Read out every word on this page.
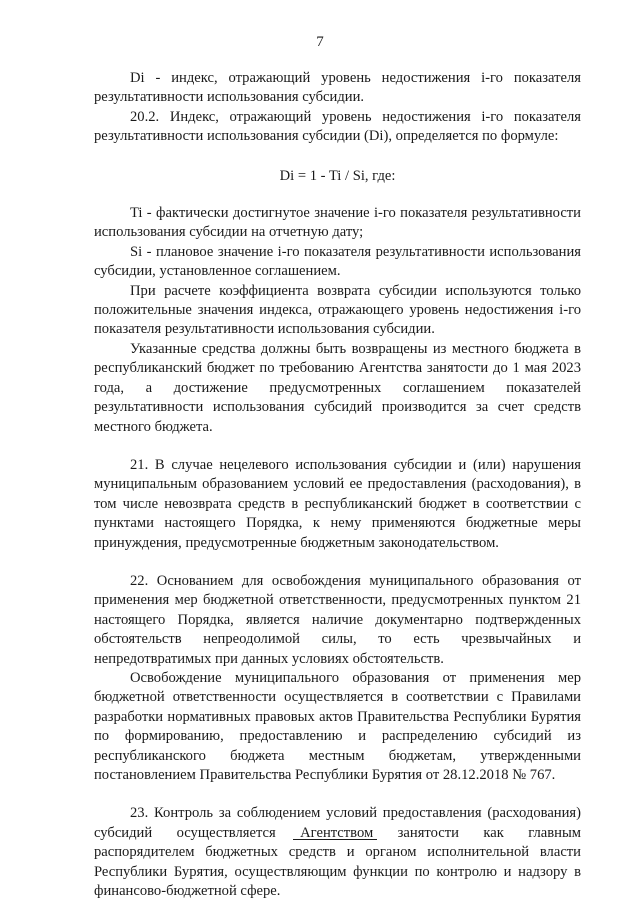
7

Di - индекс, отражающий уровень недостижения i-го показателя результативности использования субсидии.

20.2. Индекс, отражающий уровень недостижения i-го показателя результативности использования субсидии (Di), определяется по формуле:

Di = 1 - Ti / Si, где:

Ti - фактически достигнутое значение i-го показателя результативности использования субсидии на отчетную дату;

Si - плановое значение i-го показателя результативности использования субсидии, установленное соглашением.

При расчете коэффициента возврата субсидии используются только положительные значения индекса, отражающего уровень недостижения i-го показателя результативности использования субсидии.

Указанные средства должны быть возвращены из местного бюджета в республиканский бюджет по требованию Агентства занятости до 1 мая 2023 года, а достижение предусмотренных соглашением показателей результативности использования субсидий производится за счет средств местного бюджета.

21. В случае нецелевого использования субсидии и (или) нарушения муниципальным образованием условий ее предоставления (расходования), в том числе невозврата средств в республиканский бюджет в соответствии с пунктами настоящего Порядка, к нему применяются бюджетные меры принуждения, предусмотренные бюджетным законодательством.

22. Основанием для освобождения муниципального образования от применения мер бюджетной ответственности, предусмотренных пунктом 21 настоящего Порядка, является наличие документарно подтвержденных обстоятельств непреодолимой силы, то есть чрезвычайных и непредотвратимых при данных условиях обстоятельств.

Освобождение муниципального образования от применения мер бюджетной ответственности осуществляется в соответствии с Правилами разработки нормативных правовых актов Правительства Республики Бурятия по формированию, предоставлению и распределению субсидий из республиканского бюджета местным бюджетам, утвержденными постановлением Правительства Республики Бурятия от 28.12.2018 № 767.

23. Контроль за соблюдением условий предоставления (расходования) субсидий осуществляется Агентством занятости как главным распорядителем бюджетных средств и органом исполнительной власти Республики Бурятия, осуществляющим функции по контролю и надзору в финансово-бюджетной сфере.
